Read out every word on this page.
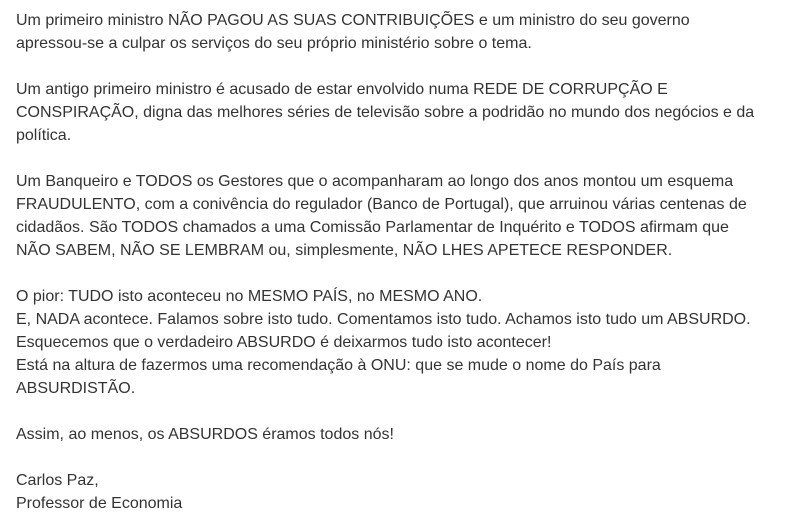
Um primeiro ministro NÃO PAGOU AS SUAS CONTRIBUIÇÕES e um ministro do seu governo
apressou-se a culpar os serviços do seu próprio ministério sobre o tema.

Um antigo primeiro ministro é acusado de estar envolvido numa REDE DE CORRUPÇÃO E
CONSPIRAÇÃO, digna das melhores séries de televisão sobre a podridão no mundo dos negócios e da
política.

Um Banqueiro e TODOS os Gestores que o acompanharam ao longo dos anos montou um esquema
FRAUDULENTO, com a conivência do regulador (Banco de Portugal), que arruinou várias centenas de
cidadãos. São TODOS chamados a uma Comissão Parlamentar de Inquérito e TODOS afirmam que
NÃO SABEM, NÃO SE LEMBRAM ou, simplesmente, NÃO LHES APETECE RESPONDER.

O pior: TUDO isto aconteceu no MESMO PAÍS, no MESMO ANO.
E, NADA acontece. Falamos sobre isto tudo. Comentamos isto tudo. Achamos isto tudo um ABSURDO.
Esquecemos que o verdadeiro ABSURDO é deixarmos tudo isto acontecer!
Está na altura de fazermos uma recomendação à ONU: que se mude o nome do País para
ABSURDISTÃO.

Assim, ao menos, os ABSURDOS éramos todos nós!

Carlos Paz,
Professor de Economia
